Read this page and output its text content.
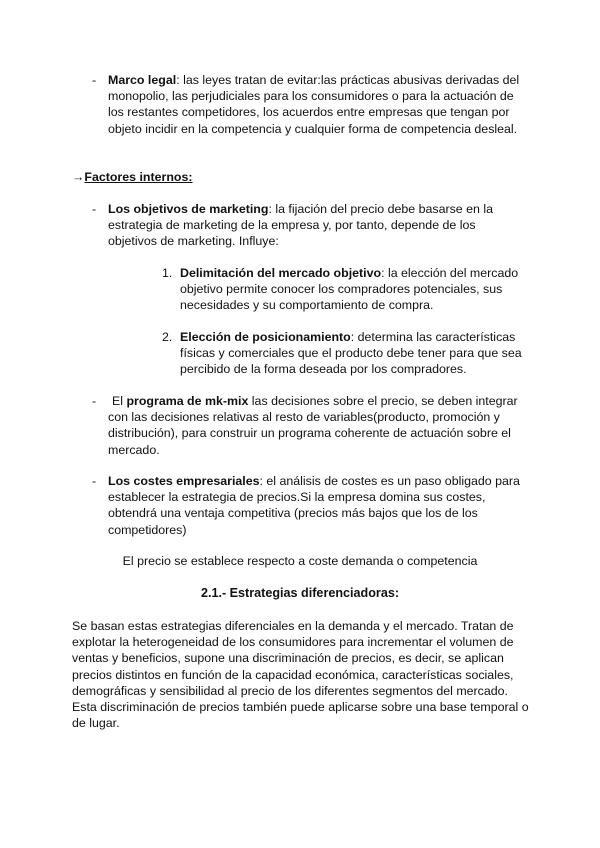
- Marco legal: las leyes tratan de evitar:las prácticas abusivas derivadas del monopolio, las perjudiciales para los consumidores o para la actuación de los restantes competidores, los acuerdos entre empresas que tengan por objeto incidir en la competencia y cualquier forma de competencia desleal.

→Factores internos:

- Los objetivos de marketing: la fijación del precio debe basarse en la estrategia de marketing de la empresa y, por tanto, depende de los objetivos de marketing. Influye:

1. Delimitación del mercado objetivo: la elección del mercado objetivo permite conocer los compradores potenciales, sus necesidades y su comportamiento de compra.

2. Elección de posicionamiento: determina las características físicas y comerciales que el producto debe tener para que sea percibido de la forma deseada por los compradores.

-	El programa de mk-mix las decisiones sobre el precio, se deben integrar con las decisiones relativas al resto de variables(producto, promoción y distribución), para construir un programa coherente de actuación sobre el mercado.

- Los costes empresariales: el análisis de costes es un paso obligado para establecer la estrategia de precios.Si la empresa domina sus costes, obtendrá una ventaja competitiva (precios más bajos que los de los competidores)

El precio se establece respecto a coste demanda o competencia

2.1.- Estrategias diferenciadoras:

Se basan estas estrategias diferenciales en la demanda y el mercado. Tratan de explotar la heterogeneidad de los consumidores para incrementar el volumen de ventas y beneficios, supone una discriminación de precios, es decir, se aplican precios distintos en función de la capacidad económica, características sociales, demográficas y sensibilidad al precio de los diferentes segmentos del mercado. Esta discriminación de precios también puede aplicarse sobre una base temporal o de lugar.
